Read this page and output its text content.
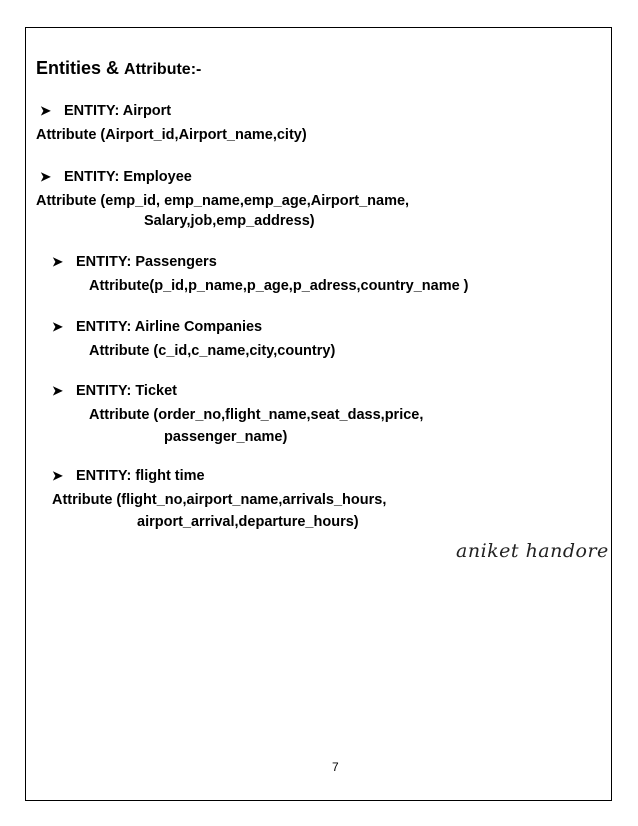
Entities & Attribute:-
➤ ENTITY: Airport
Attribute (Airport_id,Airport_name,city)
➤ ENTITY: Employee
Attribute (emp_id, emp_name,emp_age,Airport_name,
Salary,job,emp_address)
➤ ENTITY: Passengers
Attribute(p_id,p_name,p_age,p_adress,country_name )
➤ ENTITY: Airline Companies
Attribute (c_id,c_name,city,country)
➤ ENTITY: Ticket
Attribute (order_no,flight_name,seat_dass,price,
passenger_name)
➤ ENTITY: flight time
Attribute (flight_no,airport_name,arrivals_hours,
airport_arrival,departure_hours)
aniket handore
7
